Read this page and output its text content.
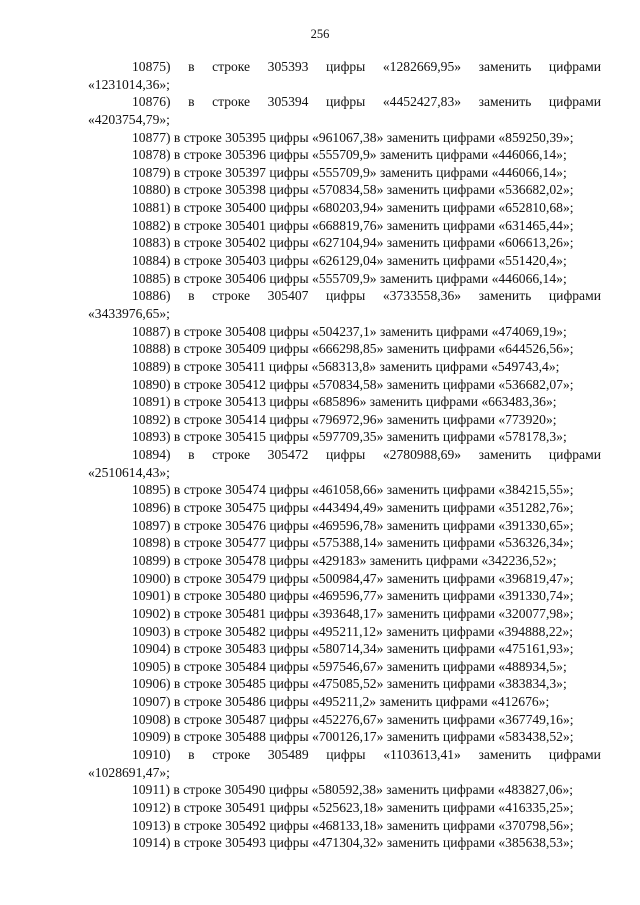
256
10875) в строке 305393 цифры «1282669,95» заменить цифрами
«1231014,36»;
10876) в строке 305394 цифры «4452427,83» заменить цифрами
«4203754,79»;
10877) в строке 305395 цифры «961067,38» заменить цифрами «859250,39»;
10878) в строке 305396 цифры «555709,9» заменить цифрами «446066,14»;
10879) в строке 305397 цифры «555709,9» заменить цифрами «446066,14»;
10880) в строке 305398 цифры «570834,58» заменить цифрами «536682,02»;
10881) в строке 305400 цифры «680203,94» заменить цифрами «652810,68»;
10882) в строке 305401 цифры «668819,76» заменить цифрами «631465,44»;
10883) в строке 305402 цифры «627104,94» заменить цифрами «606613,26»;
10884) в строке 305403 цифры «626129,04» заменить цифрами «551420,4»;
10885) в строке 305406 цифры «555709,9» заменить цифрами «446066,14»;
10886) в строке 305407 цифры «3733558,36» заменить цифрами
«3433976,65»;
10887) в строке 305408 цифры «504237,1» заменить цифрами «474069,19»;
10888) в строке 305409 цифры «666298,85» заменить цифрами «644526,56»;
10889) в строке 305411 цифры «568313,8» заменить цифрами «549743,4»;
10890) в строке 305412 цифры «570834,58» заменить цифрами «536682,07»;
10891) в строке 305413 цифры «685896» заменить цифрами «663483,36»;
10892) в строке 305414 цифры «796972,96» заменить цифрами «773920»;
10893) в строке 305415 цифры «597709,35» заменить цифрами «578178,3»;
10894) в строке 305472 цифры «2780988,69» заменить цифрами
«2510614,43»;
10895) в строке 305474 цифры «461058,66» заменить цифрами «384215,55»;
10896) в строке 305475 цифры «443494,49» заменить цифрами «351282,76»;
10897) в строке 305476 цифры «469596,78» заменить цифрами «391330,65»;
10898) в строке 305477 цифры «575388,14» заменить цифрами «536326,34»;
10899) в строке 305478 цифры «429183» заменить цифрами «342236,52»;
10900) в строке 305479 цифры «500984,47» заменить цифрами «396819,47»;
10901) в строке 305480 цифры «469596,77» заменить цифрами «391330,74»;
10902) в строке 305481 цифры «393648,17» заменить цифрами «320077,98»;
10903) в строке 305482 цифры «495211,12» заменить цифрами «394888,22»;
10904) в строке 305483 цифры «580714,34» заменить цифрами «475161,93»;
10905) в строке 305484 цифры «597546,67» заменить цифрами «488934,5»;
10906) в строке 305485 цифры «475085,52» заменить цифрами «383834,3»;
10907) в строке 305486 цифры «495211,2» заменить цифрами «412676»;
10908) в строке 305487 цифры «452276,67» заменить цифрами «367749,16»;
10909) в строке 305488 цифры «700126,17» заменить цифрами «583438,52»;
10910) в строке 305489 цифры «1103613,41» заменить цифрами
«1028691,47»;
10911) в строке 305490 цифры «580592,38» заменить цифрами «483827,06»;
10912) в строке 305491 цифры «525623,18» заменить цифрами «416335,25»;
10913) в строке 305492 цифры «468133,18» заменить цифрами «370798,56»;
10914) в строке 305493 цифры «471304,32» заменить цифрами «385638,53»;
